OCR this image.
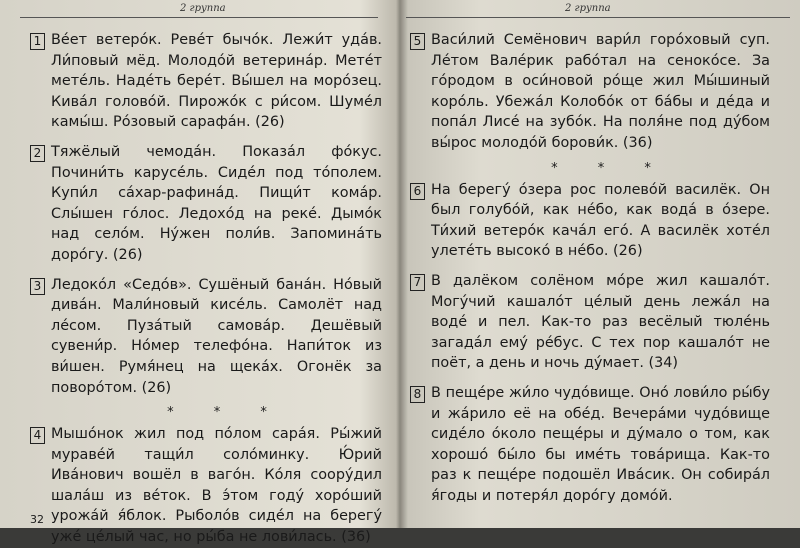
2 группа
1 Ве́ет ветеро́к. Реве́т бычо́к. Лежи́т уда́в. Ли́повый мёд. Молодо́й ветерина́р. Мете́т мете́ль. Наде́ть бере́т. Вы́шел на моро́зец. Кива́л голово́й. Пирожо́к с ри́сом. Шуме́л камы́ш. Ро́зовый сарафа́н. (26)

2 Тяжёлый чемода́н. Показа́л фо́кус. Почини́ть карусе́ль. Сиде́л под то́полем. Купи́л са́хар-рафина́д. Пищи́т кома́р. Слы́шен го́лос. Ледохо́д на реке́. Дымо́к над село́м. Ну́жен поли́в. Запомина́ть доро́гу. (26)

3 Ледоко́л «Седо́в». Сушёный бана́н. Но́вый дива́н. Мали́новый кисе́ль. Самолёт над ле́сом. Пуза́тый самова́р. Дешёвый сувени́р. Но́мер телефо́на. Напи́ток из ви́шен. Румя́нец на щека́х. Огонёк за поворо́том. (26)

* * *
4 Мышо́нок жил под по́лом сара́я. Ры́жий мураве́й тащи́л соло́минку. Ю́рий Ива́нович вошёл в ваго́н. Ко́ля соору́дил шала́ш из ве́ток. В э́том году́ хоро́ший урожа́й я́блок. Рыболо́в сиде́л на берегу́ уже́ це́лый час, но ры́ба не лови́лась. (36)

32
2 группа
5 Васи́лий Семёнович вари́л горо́ховый суп. Ле́том Вале́рик рабо́тал на сеноко́се. За го́родом в оси́новой ро́щe жил Мы́шиный коро́ль. Убежа́л Колобо́к от ба́бы и де́да и попа́л Лисе́ на зубо́к. На поля́не под ду́бом вы́рос молодо́й борови́к. (36)

* * *
6 На берегу́ о́зера рос полево́й василёк. Он был голубо́й, как не́бо, как вода́ в о́зере. Ти́хий ветеро́к кача́л его́. А василёк хоте́л улете́ть высоко́ в не́бо. (26)

7 В далёком солёном мо́ре жил кашало́т. Могу́чий кашало́т це́лый день лежа́л на воде́ и пел. Как-то раз весёлый тюле́нь загада́л ему́ ре́бус. С тех пор кашало́т не поёт, а день и ночь ду́мает. (34)

8 В пеще́ре жи́ло чудо́вище. Оно́ лови́ло ры́бу и жа́рило её на обе́д. Вечера́ми чудо́вище сиде́ло о́коло пеще́ры и ду́мало о том, как хорошо́ бы́ло бы име́ть това́рища. Как-то раз к пеще́ре подошёл Ива́сик. Он собира́л я́годы и потеря́л доро́гу домо́й.
